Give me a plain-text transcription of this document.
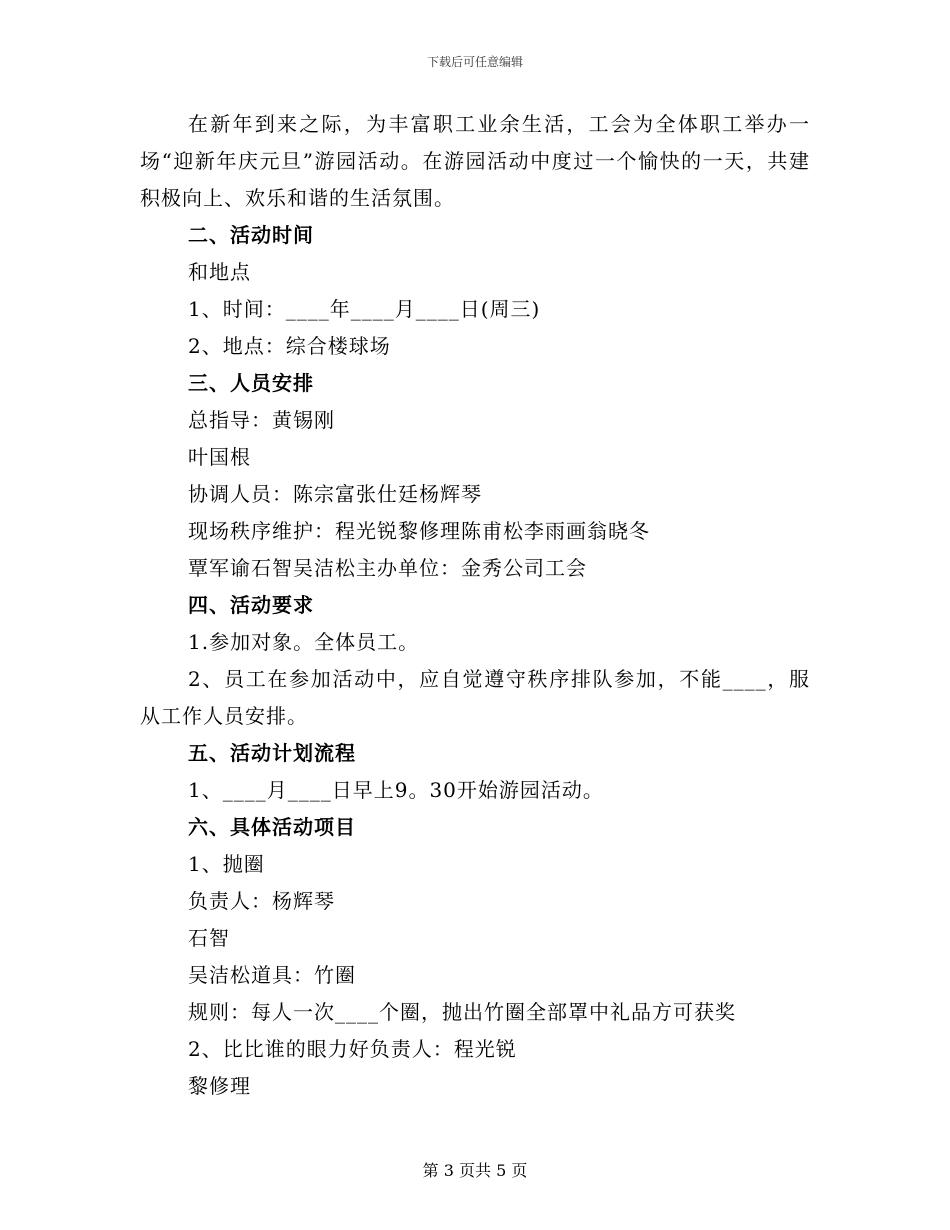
下载后可任意编辑

在新年到来之际，为丰富职工业余生活，工会为全体职工举办一场“迎新年庆元旦”游园活动。在游园活动中度过一个愉快的一天，共建积极向上、欢乐和谐的生活氛围。

二、活动时间

和地点

1、时间：____年____月____日(周三)

2、地点：综合楼球场

三、人员安排

总指导：黄锡刚

叶国根

协调人员：陈宗富张仕廷杨辉琴

现场秩序维护：程光锐黎修理陈甫松李雨画翁晓冬

覃军谕石智吴洁松主办单位：金秀公司工会

四、活动要求

1.参加对象。全体员工。

2、员工在参加活动中，应自觉遵守秩序排队参加，不能____，服从工作人员安排。

五、活动计划流程

1、____月____日早上9。30开始游园活动。

六、具体活动项目

1、抛圈

负责人：杨辉琴

石智

吴洁松道具：竹圈

规则：每人一次____个圈，抛出竹圈全部罩中礼品方可获奖

2、比比谁的眼力好负责人：程光锐

黎修理

第 3 页共 5 页
